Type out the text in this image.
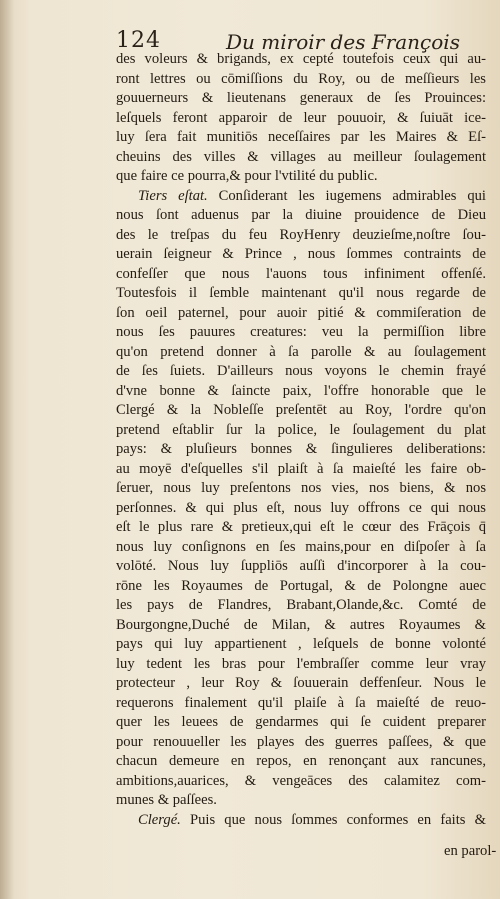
124	Du miroir des François
des voleurs & brigands, ex cepté toutefois ceux qui au-
ront lettres ou cōmiſſions du Roy, ou de meſſieurs les
gouuerneurs & lieutenans generaux de ſes Prouinces:
leſquels feront apparoir de leur pouuoir, & ſuiuāt ice-
luy ſera fait munitiōs neceſſaires par les Maires & Eſ-
cheuins des villes & villages au meilleur ſoulagement
que faire ce pourra,& pour l'vtilité du public.
Tiers eſtat. Conſiderant les iugemens admirables qui
nous ſont aduenus par la diuine prouidence de Dieu
des le treſpas du feu RoyHenry deuzieſme,noſtre ſou-
uerain ſeigneur & Prince , nous ſommes contraints de
confeſſer que nous l'auons tous infiniment offenſé.
Toutesfois il ſemble maintenant qu'il nous regarde de
ſon oeil paternel, pour auoir pitié & commiſeration de
nous ſes pauures creatures: veu la permiſſion libre
qu'on pretend donner à ſa parolle & au ſoulagement
de ſes ſuiets. D'ailleurs nous voyons le chemin frayé
d'vne bonne & ſaincte paix, l'offre honorable que le
Clergé & la Nobleſſe preſentēt au Roy, l'ordre qu'on
pretend eſtablir ſur la police, le ſoulagement du plat
pays: & pluſieurs bonnes & ſingulieres deliberations:
au moyē d'eſquelles s'il plaiſt à ſa maieſté les faire ob-
ſeruer, nous luy preſentons nos vies, nos biens, & nos
perſonnes. & qui plus eſt, nous luy offrons ce qui nous
eſt le plus rare & pretieux,qui eſt le cœur des Frāçois q̄
nous luy conſignons en ſes mains,pour en diſpoſer à ſa
volōté. Nous luy ſuppliōs auſſi d'incorporer à la cou-
rōne les Royaumes de Portugal, & de Polongne auec
les pays de Flandres, Brabant,Olande,&c. Comté de
Bourgongne,Duché de Milan, & autres Royaumes &
pays qui luy appartienent , leſquels de bonne volonté
luy tedent les bras pour l'embraſſer comme leur vray
protecteur , leur Roy & ſouuerain deffenſeur. Nous le
requerons finalement qu'il plaiſe à ſa maieſté de reuo-
quer les leuees de gendarmes qui ſe cuident preparer
pour renouueller les playes des guerres paſſees, & que
chacun demeure en repos, en renonçant aux rancunes,
ambitions,auarices, & vengeāces des calamitez com-
munes & paſſees.
Clergé. Puis que nous ſommes conformes en faits &
en parol-
